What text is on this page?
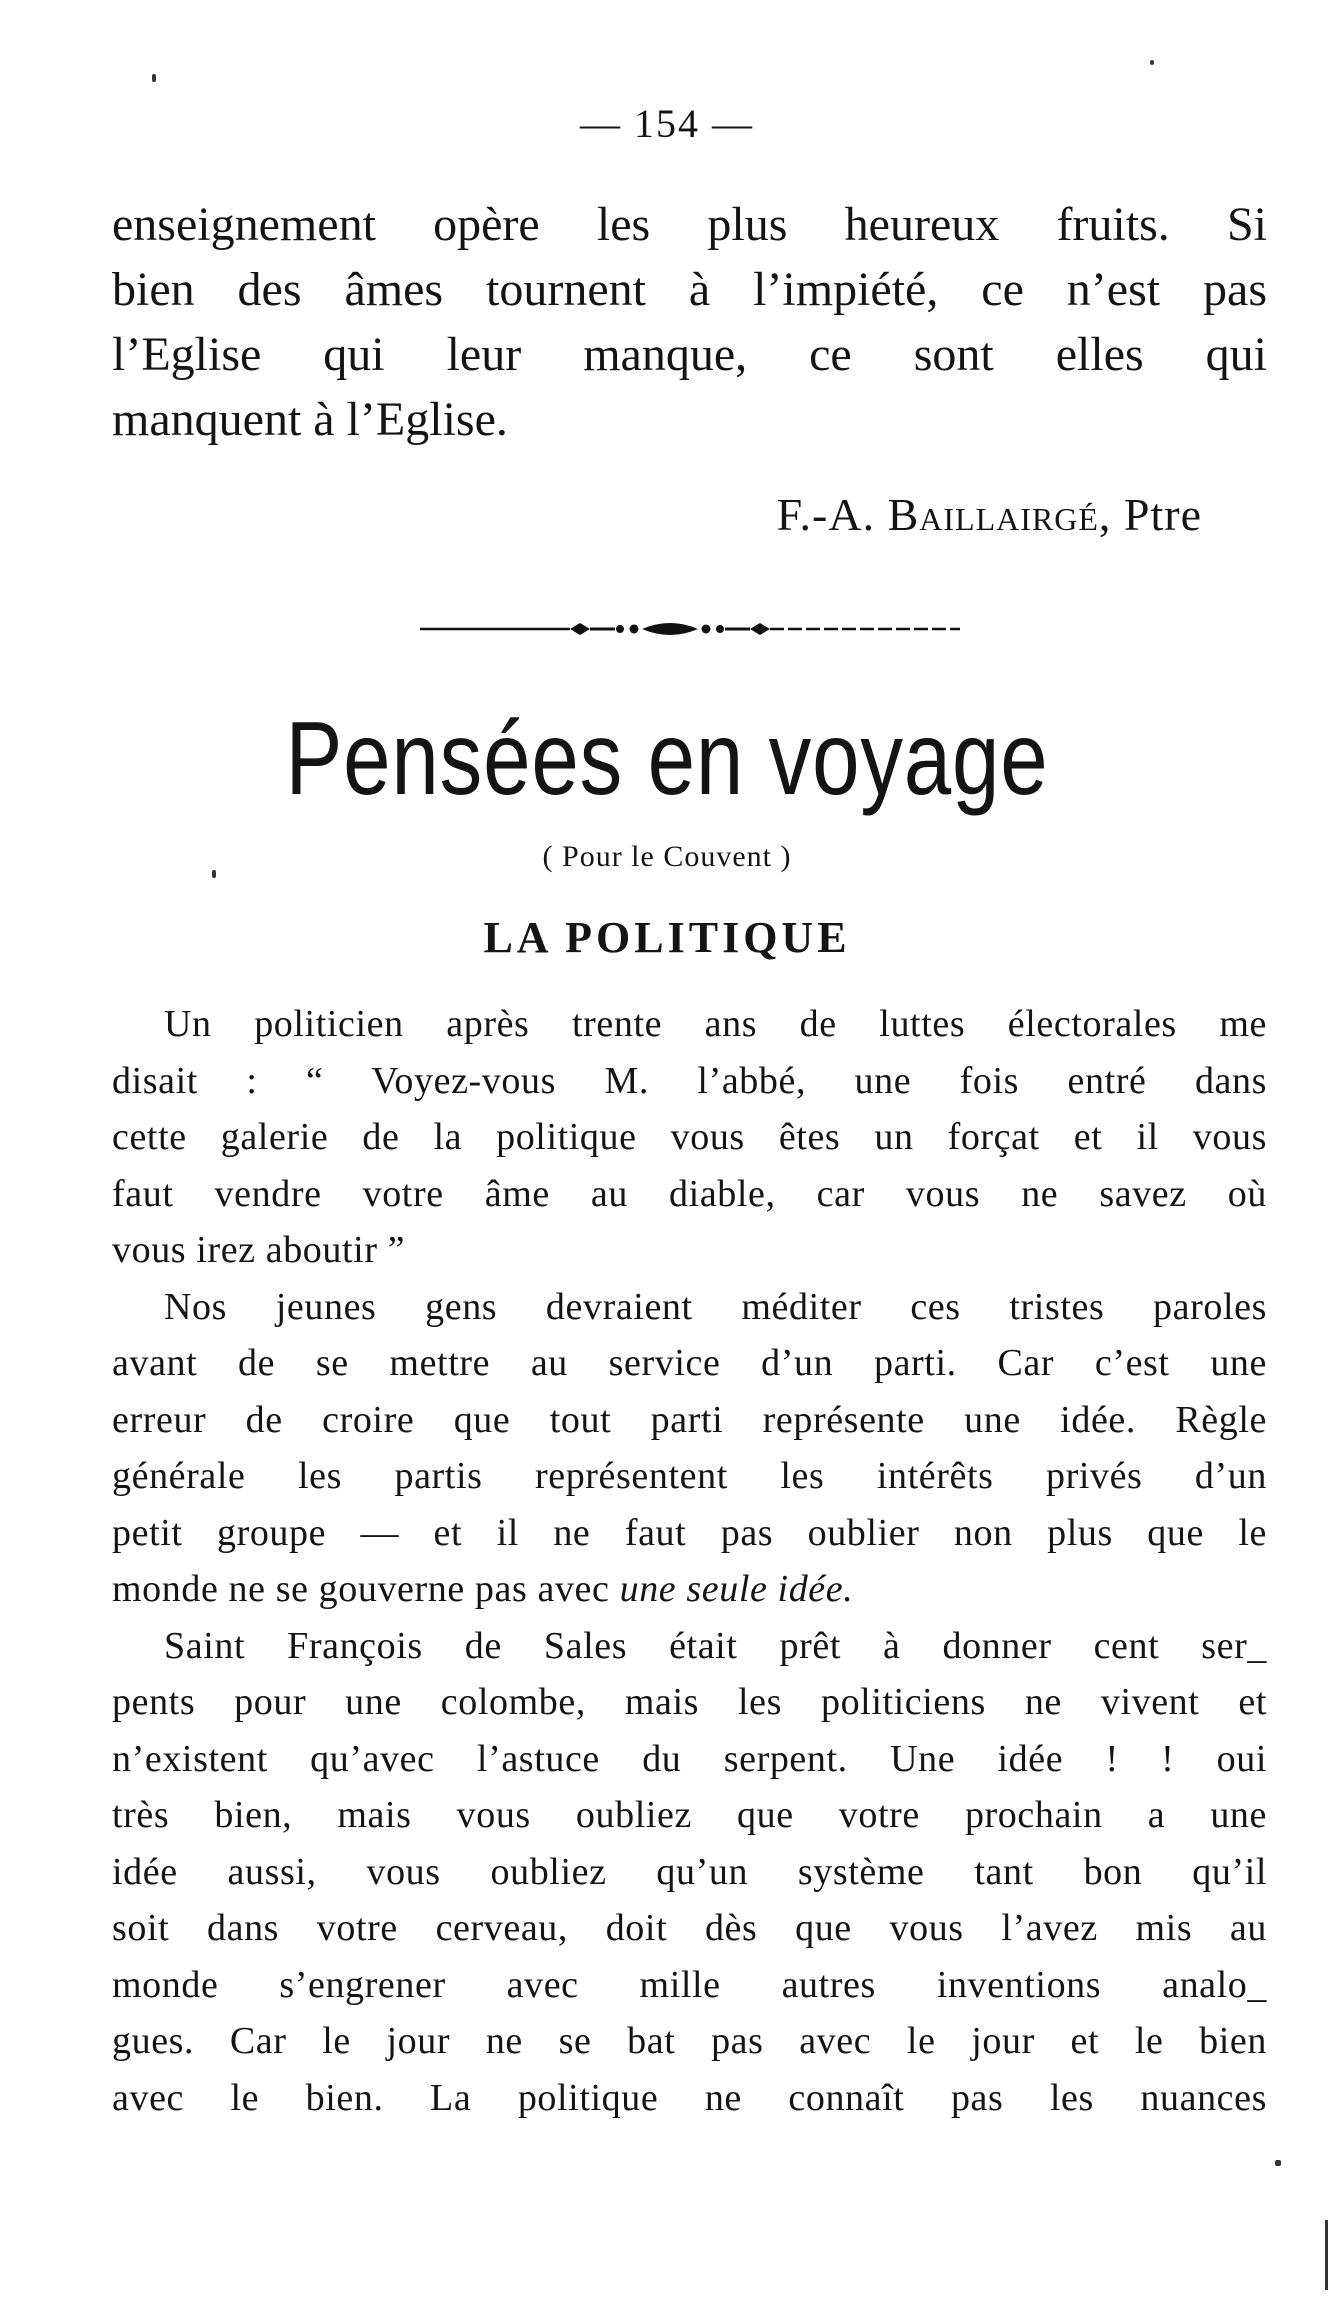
— 154 —

enseignement opère les plus heureux fruits. Si
bien des âmes tournent à l’impiété, ce n’est pas
l’Eglise qui leur manque, ce sont elles qui
manquent à l’Eglise.

F.-A. Baillairgé, Ptre
Pensées en voyage
( Pour le Couvent )
LA POLITIQUE

Un politicien après trente ans de luttes électorales me
disait : “ Voyez-vous M. l’abbé, une fois entré dans
cette galerie de la politique vous êtes un forçat et il vous
faut vendre votre âme au diable, car vous ne savez où
vous irez aboutir ”

Nos jeunes gens devraient méditer ces tristes paroles
avant de se mettre au service d’un parti. Car c’est une
erreur de croire que tout parti représente une idée. Règle
générale les partis représentent les intérêts privés d’un
petit groupe — et il ne faut pas oublier non plus que le
monde ne se gouverne pas avec une seule idée.

Saint François de Sales était prêt à donner cent ser_
pents pour une colombe, mais les politiciens ne vivent et
n’existent qu’avec l’astuce du serpent. Une idée ! ! oui
très bien, mais vous oubliez que votre prochain a une
idée aussi, vous oubliez qu’un système tant bon qu’il
soit dans votre cerveau, doit dès que vous l’avez mis au
monde s’engrener avec mille autres inventions analo_
gues. Car le jour ne se bat pas avec le jour et le bien
avec le bien. La politique ne connaît pas les nuances
